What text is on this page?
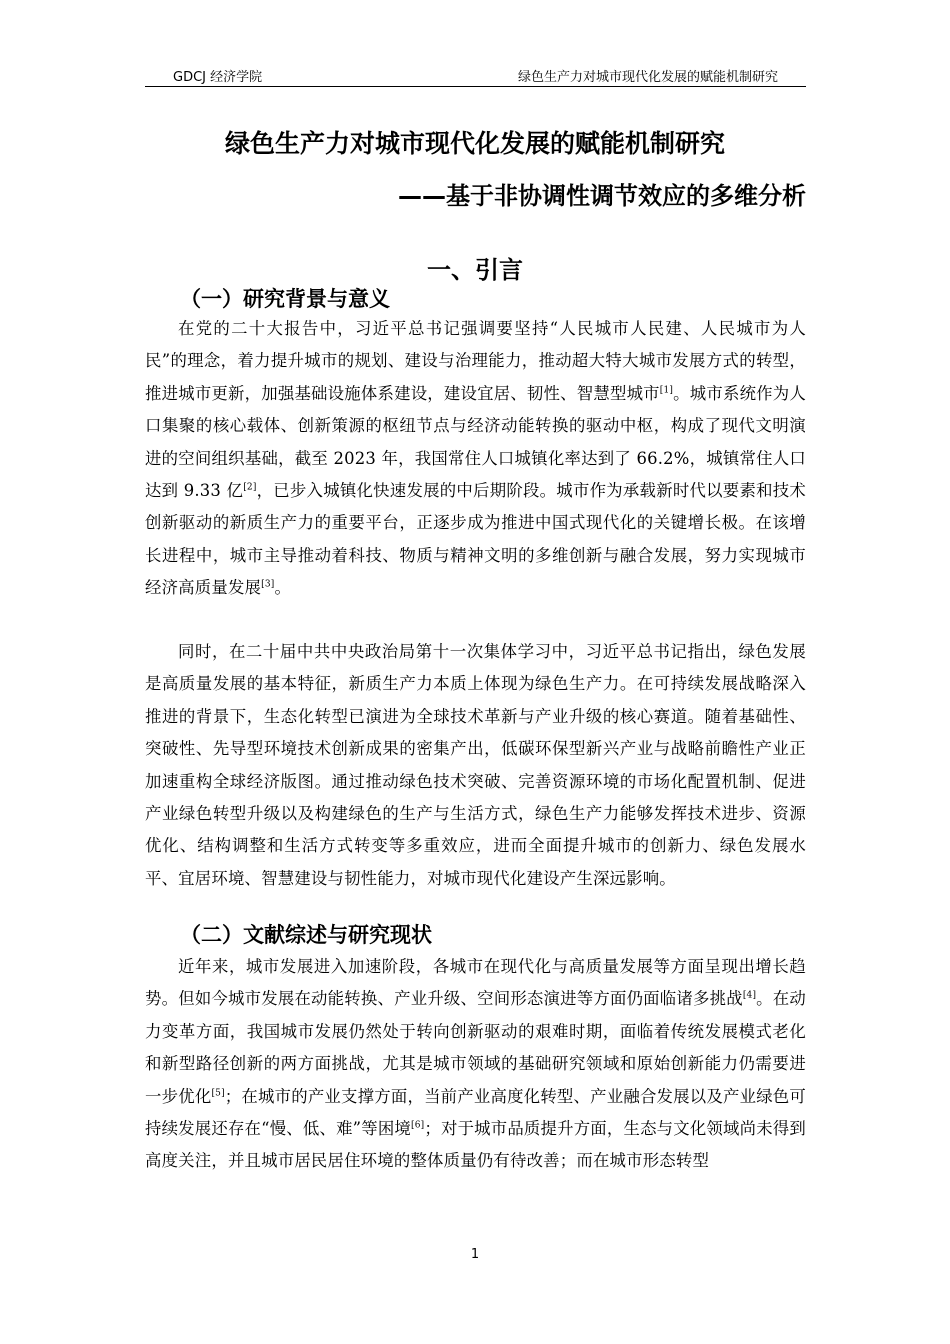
GDCJ 经济学院	绿色生产力对城市现代化发展的赋能机制研究
绿色生产力对城市现代化发展的赋能机制研究
——基于非协调性调节效应的多维分析
一、引言
（一）研究背景与意义

在党的二十大报告中，习近平总书记强调要坚持“人民城市人民建、人民城市为人民”的理念，着力提升城市的规划、建设与治理能力，推动超大特大城市发展方式的转型，推进城市更新，加强基础设施体系建设，建设宜居、韧性、智慧型城市[1]。城市系统作为人口集聚的核心载体、创新策源的枢纽节点与经济动能转换的驱动中枢，构成了现代文明演进的空间组织基础，截至 2023 年，我国常住人口城镇化率达到了 66.2%，城镇常住人口达到 9.33 亿[2]，已步入城镇化快速发展的中后期阶段。城市作为承载新时代以要素和技术创新驱动的新质生产力的重要平台，正逐步成为推进中国式现代化的关键增长极。在该增长进程中，城市主导推动着科技、物质与精神文明的多维创新与融合发展，努力实现城市经济高质量发展[3]。

同时，在二十届中共中央政治局第十一次集体学习中，习近平总书记指出，绿色发展是高质量发展的基本特征，新质生产力本质上体现为绿色生产力。在可持续发展战略深入推进的背景下，生态化转型已演进为全球技术革新与产业升级的核心赛道。随着基础性、突破性、先导型环境技术创新成果的密集产出，低碳环保型新兴产业与战略前瞻性产业正加速重构全球经济版图。通过推动绿色技术突破、完善资源环境的市场化配置机制、促进产业绿色转型升级以及构建绿色的生产与生活方式，绿色生产力能够发挥技术进步、资源优化、结构调整和生活方式转变等多重效应，进而全面提升城市的创新力、绿色发展水平、宜居环境、智慧建设与韧性能力，对城市现代化建设产生深远影响。

（二）文献综述与研究现状

近年来，城市发展进入加速阶段，各城市在现代化与高质量发展等方面呈现出增长趋势。但如今城市发展在动能转换、产业升级、空间形态演进等方面仍面临诸多挑战[4]。在动力变革方面，我国城市发展仍然处于转向创新驱动的艰难时期，面临着传统发展模式老化和新型路径创新的两方面挑战，尤其是城市领域的基础研究领域和原始创新能力仍需要进一步优化[5]；在城市的产业支撑方面，当前产业高度化转型、产业融合发展以及产业绿色可持续发展还存在“慢、低、难”等困境[6]；对于城市品质提升方面，生态与文化领域尚未得到高度关注，并且城市居民居住环境的整体质量仍有待改善；而在城市形态转型

1
